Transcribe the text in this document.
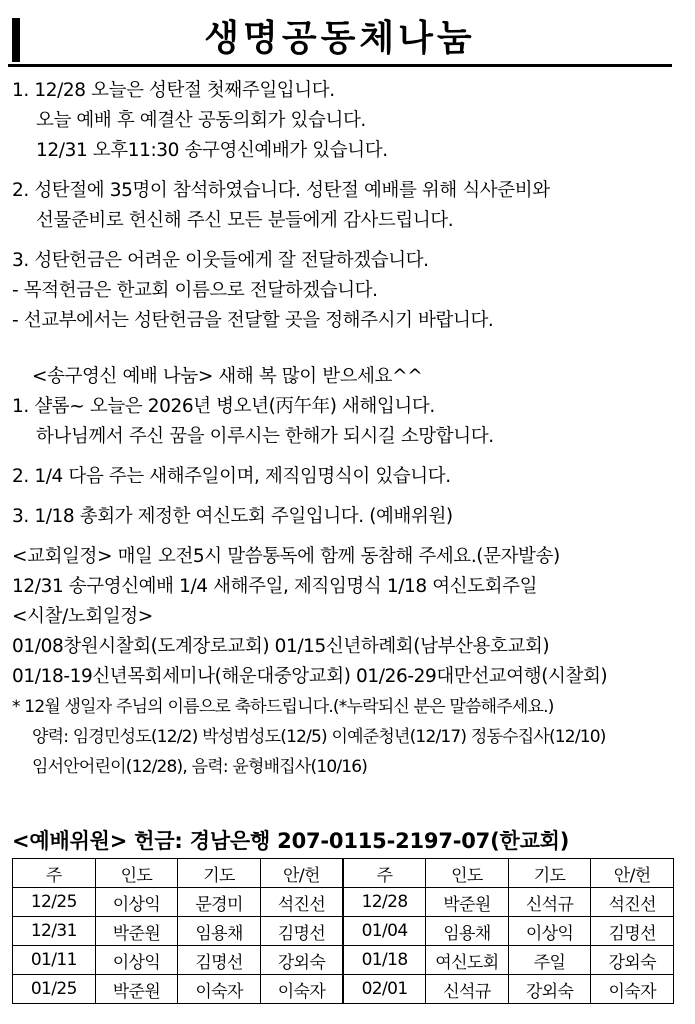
생명공동체나눔
1. 12/28 오늘은 성탄절 첫째주일입니다.
오늘 예배 후 예결산 공동의회가 있습니다.
12/31 오후11:30 송구영신예배가 있습니다.
2. 성탄절에 35명이 참석하였습니다. 성탄절 예배를 위해 식사준비와
선물준비로 헌신해 주신 모든 분들에게 감사드립니다.
3. 성탄헌금은 어려운 이웃들에게 잘 전달하겠습니다.
- 목적헌금은 한교회 이름으로 전달하겠습니다.
- 선교부에서는 성탄헌금을 전달할 곳을 정해주시기 바랍니다.
<송구영신 예배 나눔> 새해 복 많이 받으세요^^
1. 샬롬~ 오늘은 2026년 병오년(丙午年) 새해입니다.
하나님께서 주신 꿈을 이루시는 한해가 되시길 소망합니다.
2. 1/4 다음 주는 새해주일이며, 제직임명식이 있습니다.
3. 1/18 총회가 제정한 여신도회 주일입니다. (예배위원)
<교회일정> 매일 오전5시 말씀통독에 함께 동참해 주세요.(문자발송)
12/31 송구영신예배 1/4 새해주일, 제직임명식 1/18 여신도회주일
<시찰/노회일정>
01/08창원시찰회(도계장로교회) 01/15신년하례회(남부산용호교회)
01/18-19신년목회세미나(해운대중앙교회) 01/26-29대만선교여행(시찰회)
* 12월 생일자 주님의 이름으로 축하드립니다.(*누락되신 분은 말씀해주세요.)
양력: 임경민성도(12/2) 박성범성도(12/5) 이예준청년(12/17) 정동수집사(12/10)
임서안어린이(12/28), 음력: 윤형배집사(10/16)
<예배위원> 헌금: 경남은행 207-0115-2197-07(한교회)
주	인도	기도	안/헌	주	인도	기도	안/헌
12/25	이상익	문경미	석진선	12/28	박준원	신석규	석진선
12/31	박준원	임용채	김명선	01/04	임용채	이상익	김명선
01/11	이상익	김명선	강외숙	01/18	여신도회	주일	강외숙
01/25	박준원	이숙자	이숙자	02/01	신석규	강외숙	이숙자
